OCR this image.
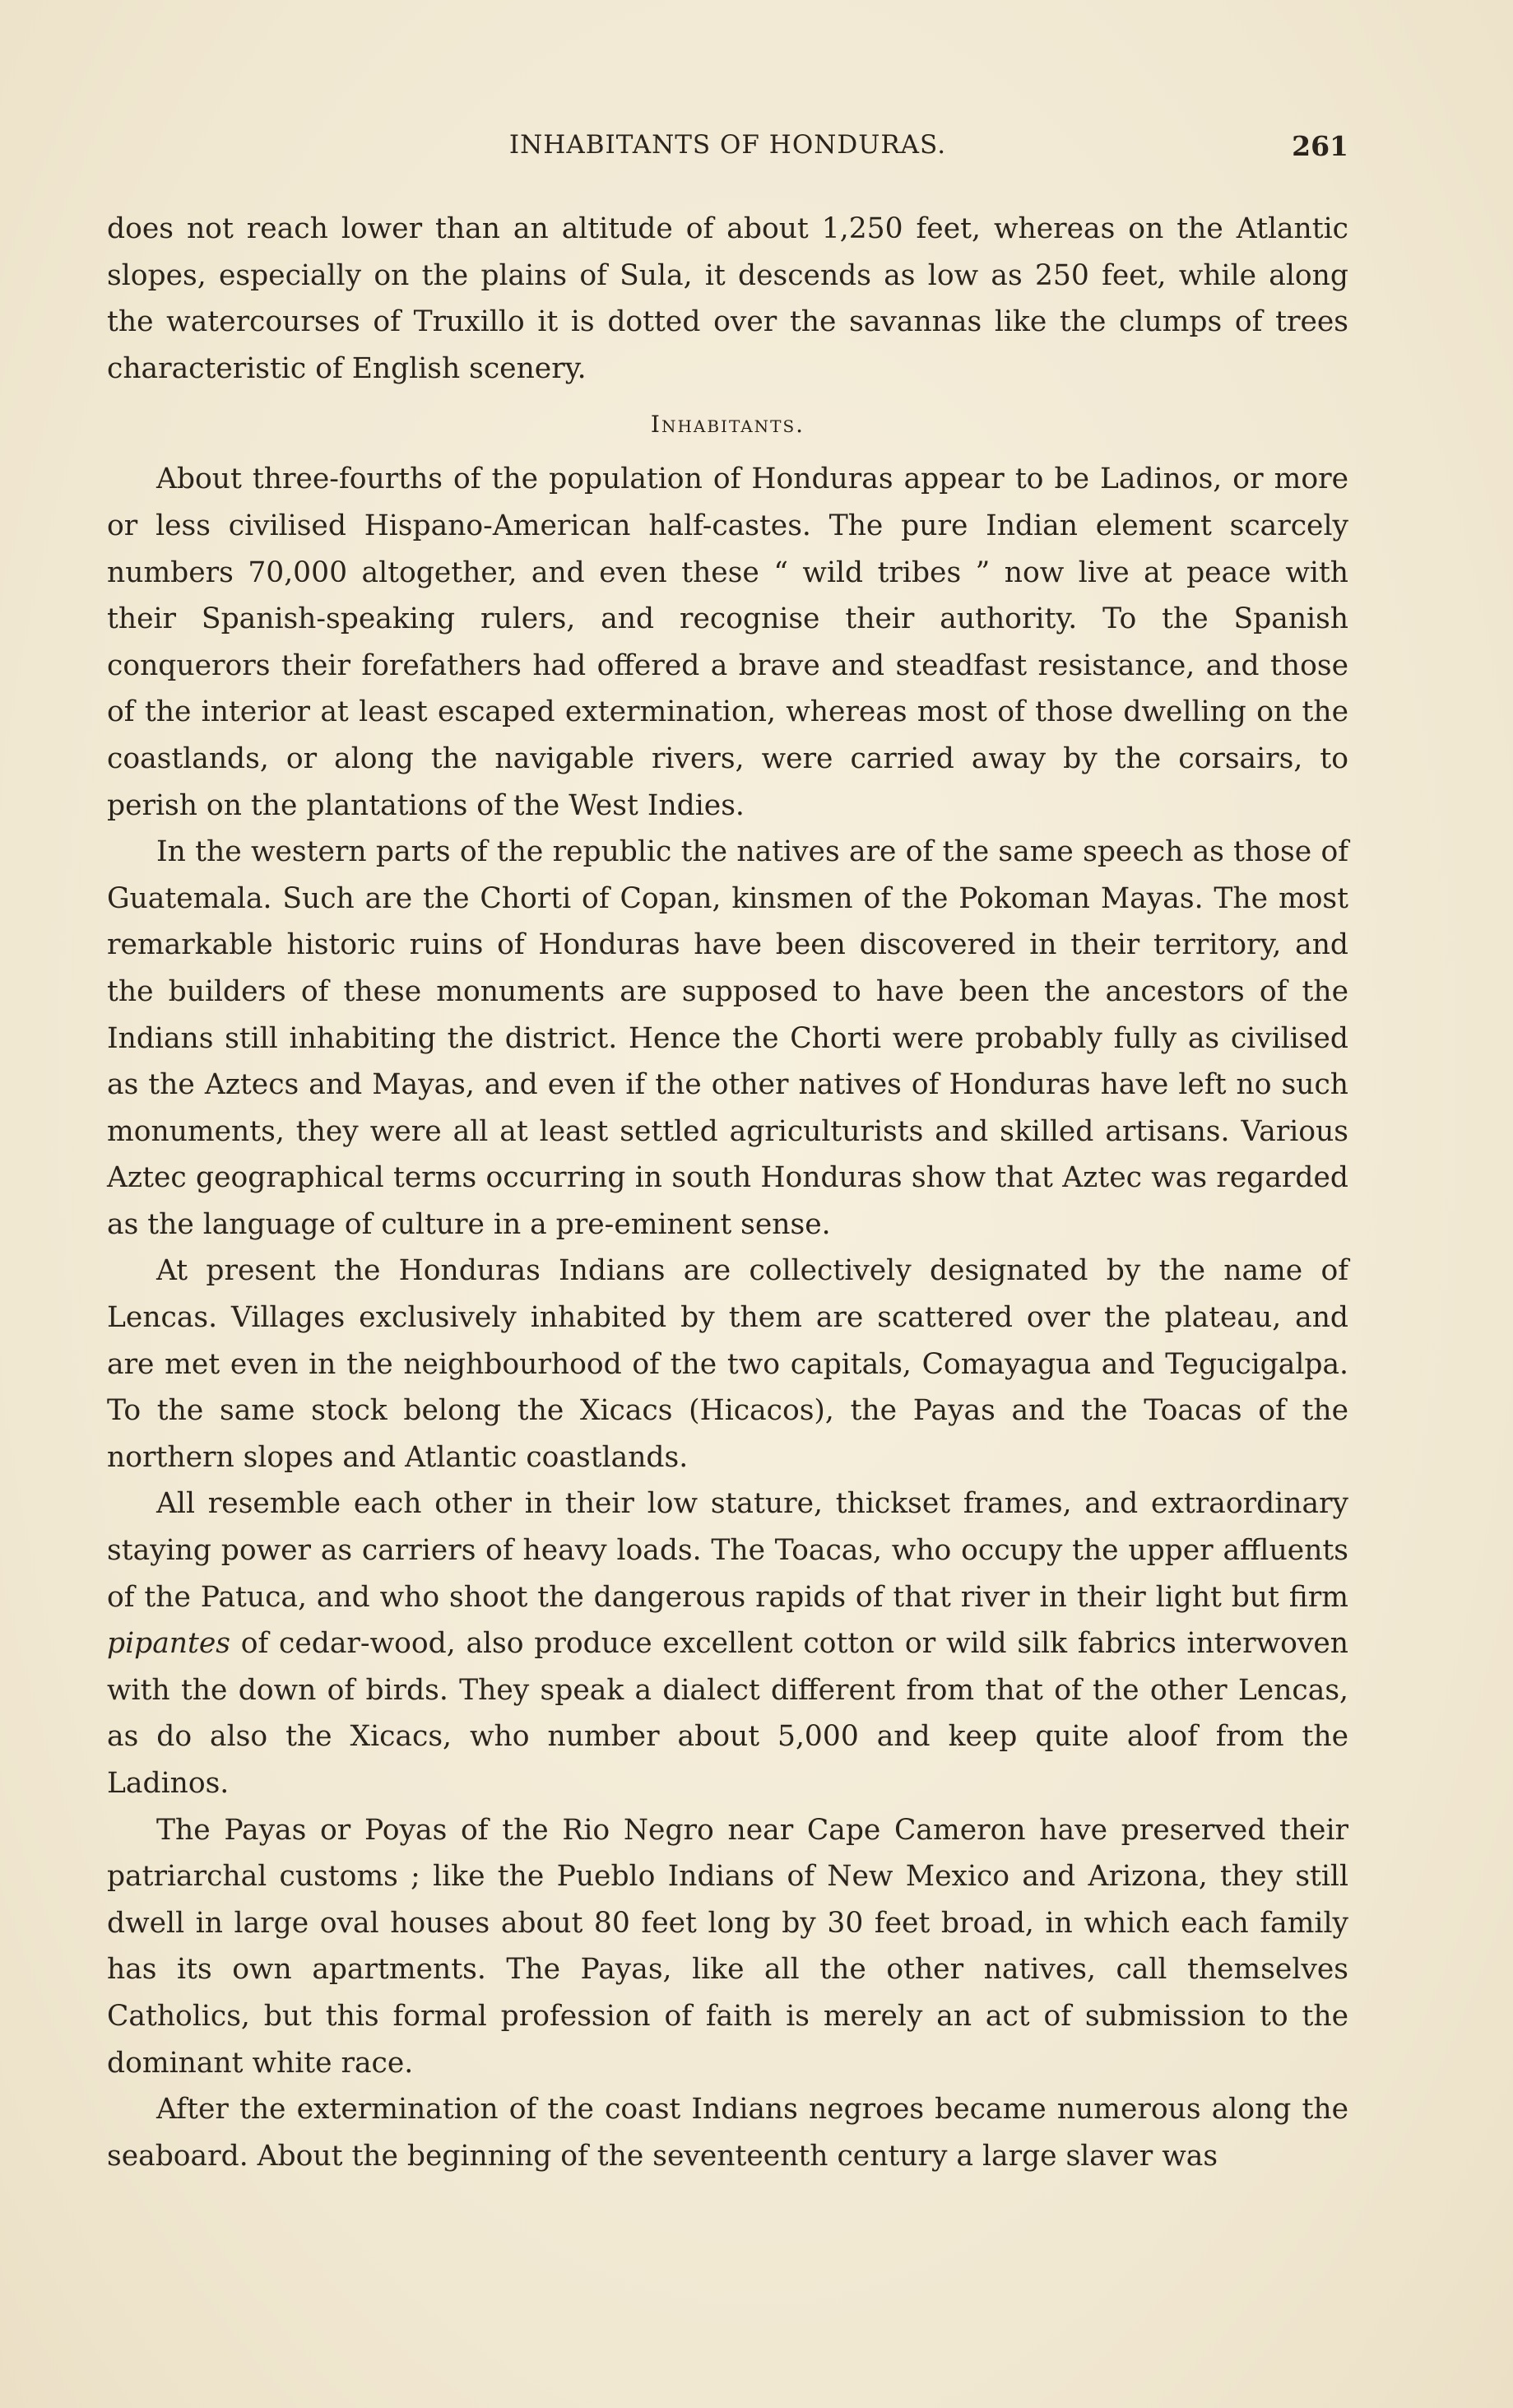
INHABITANTS OF HONDURAS.	261

does not reach lower than an altitude of about 1,250 feet, whereas on the Atlantic slopes, especially on the plains of Sula, it descends as low as 250 feet, while along the watercourses of Truxillo it is dotted over the savannas like the clumps of trees characteristic of English scenery.

Inhabitants.

About three-fourths of the population of Honduras appear to be Ladinos, or more or less civilised Hispano-American half-castes. The pure Indian element scarcely numbers 70,000 altogether, and even these “ wild tribes ” now live at peace with their Spanish-speaking rulers, and recognise their authority. To the Spanish conquerors their forefathers had offered a brave and steadfast resistance, and those of the interior at least escaped extermination, whereas most of those dwelling on the coastlands, or along the navigable rivers, were carried away by the corsairs, to perish on the plantations of the West Indies.

In the western parts of the republic the natives are of the same speech as those of Guatemala. Such are the Chorti of Copan, kinsmen of the Pokoman Mayas. The most remarkable historic ruins of Honduras have been discovered in their territory, and the builders of these monuments are supposed to have been the ancestors of the Indians still inhabiting the district. Hence the Chorti were probably fully as civilised as the Aztecs and Mayas, and even if the other natives of Honduras have left no such monuments, they were all at least settled agriculturists and skilled artisans. Various Aztec geographical terms occurring in south Honduras show that Aztec was regarded as the language of culture in a pre-eminent sense.

At present the Honduras Indians are collectively designated by the name of Lencas. Villages exclusively inhabited by them are scattered over the plateau, and are met even in the neighbourhood of the two capitals, Comayagua and Tegucigalpa. To the same stock belong the Xicacs (Hicacos), the Payas and the Toacas of the northern slopes and Atlantic coastlands.

All resemble each other in their low stature, thickset frames, and extraordinary staying power as carriers of heavy loads. The Toacas, who occupy the upper affluents of the Patuca, and who shoot the dangerous rapids of that river in their light but firm pipantes of cedar-wood, also produce excellent cotton or wild silk fabrics interwoven with the down of birds. They speak a dialect different from that of the other Lencas, as do also the Xicacs, who number about 5,000 and keep quite aloof from the Ladinos.

The Payas or Poyas of the Rio Negro near Cape Cameron have preserved their patriarchal customs ; like the Pueblo Indians of New Mexico and Arizona, they still dwell in large oval houses about 80 feet long by 30 feet broad, in which each family has its own apartments. The Payas, like all the other natives, call themselves Catholics, but this formal profession of faith is merely an act of submission to the dominant white race.

After the extermination of the coast Indians negroes became numerous along the seaboard. About the beginning of the seventeenth century a large slaver was
